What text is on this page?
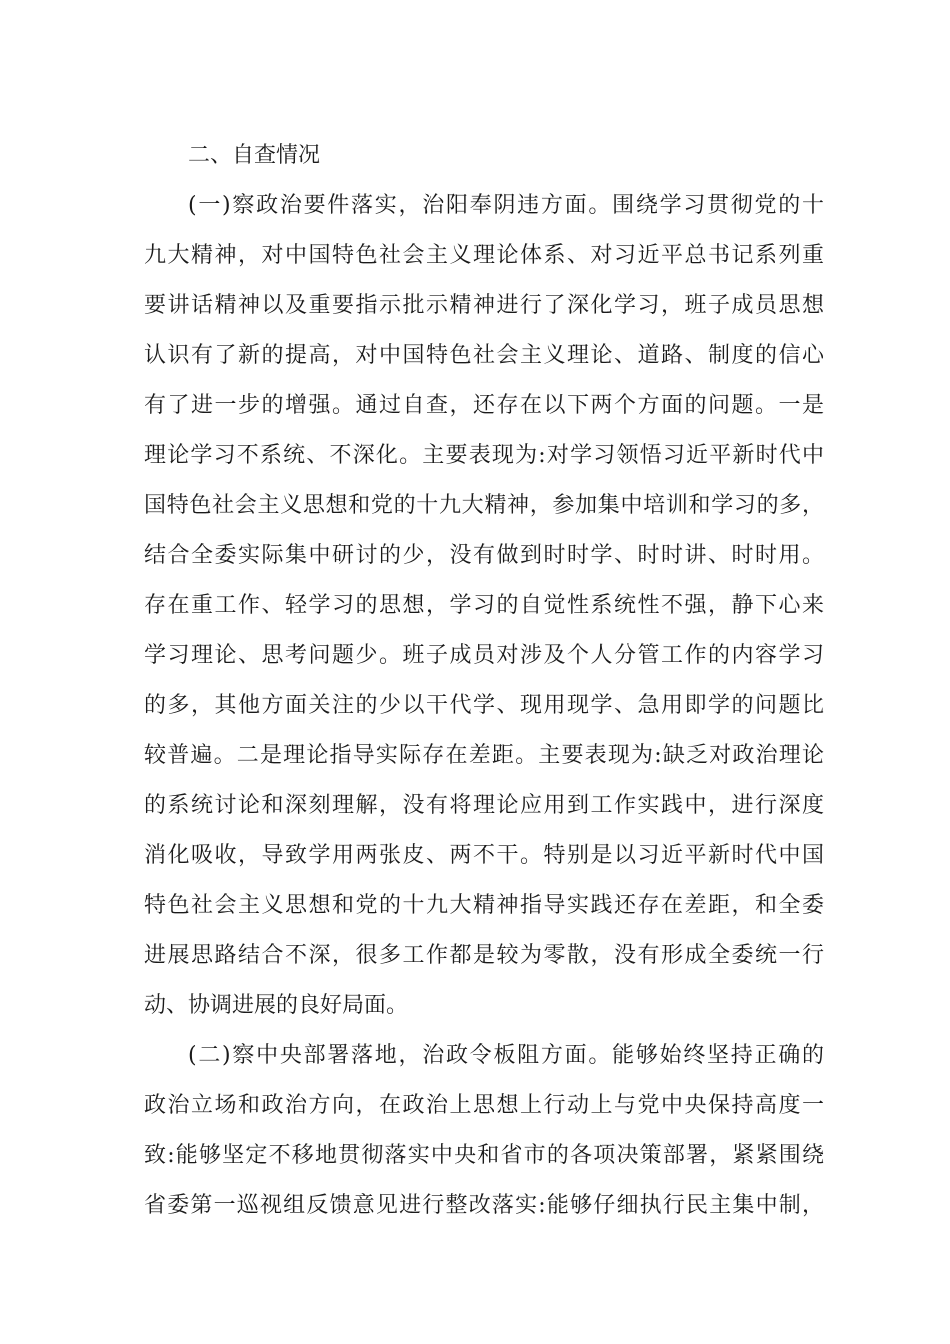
二、自查情况
(一)察政治要件落实，治阳奉阴违方面。围绕学习贯彻党的十
九大精神，对中国特色社会主义理论体系、对习近平总书记系列重
要讲话精神以及重要指示批示精神进行了深化学习，班子成员思想
认识有了新的提高，对中国特色社会主义理论、道路、制度的信心
有了进一步的增强。通过自查，还存在以下两个方面的问题。一是
理论学习不系统、不深化。主要表现为:对学习领悟习近平新时代中
国特色社会主义思想和党的十九大精神，参加集中培训和学习的多，
结合全委实际集中研讨的少，没有做到时时学、时时讲、时时用。
存在重工作、轻学习的思想，学习的自觉性系统性不强，静下心来
学习理论、思考问题少。班子成员对涉及个人分管工作的内容学习
的多，其他方面关注的少以干代学、现用现学、急用即学的问题比
较普遍。二是理论指导实际存在差距。主要表现为:缺乏对政治理论
的系统讨论和深刻理解，没有将理论应用到工作实践中，进行深度
消化吸收，导致学用两张皮、两不干。特别是以习近平新时代中国
特色社会主义思想和党的十九大精神指导实践还存在差距，和全委
进展思路结合不深，很多工作都是较为零散，没有形成全委统一行
动、协调进展的良好局面。
(二)察中央部署落地，治政令板阻方面。能够始终坚持正确的
政治立场和政治方向，在政治上思想上行动上与党中央保持高度一
致:能够坚定不移地贯彻落实中央和省市的各项决策部署，紧紧围绕
省委第一巡视组反馈意见进行整改落实:能够仔细执行民主集中制，
